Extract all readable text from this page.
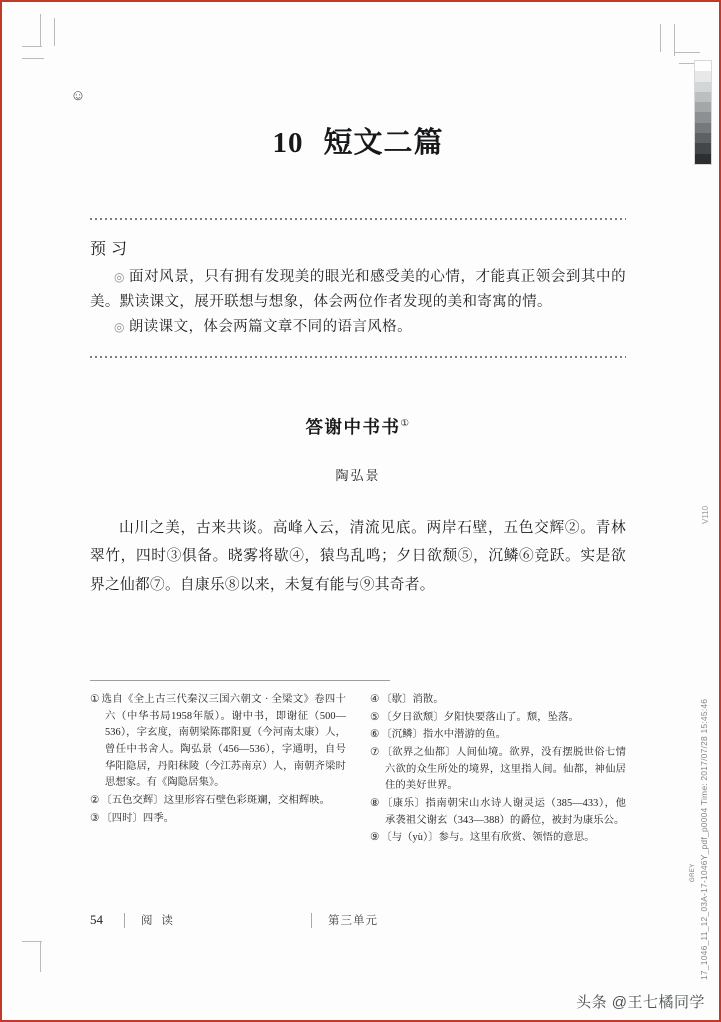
GREY 17_1046_11_12_03A-17-1046Y_pdf_p0004 Time: 2017/07/28 15:45:46
V110
☺
10 短文二篇
预习
◎ 面对风景，只有拥有发现美的眼光和感受美的心情，才能真正领会到其中的美。默读课文，展开联想与想象，体会两位作者发现的美和寄寓的情。
◎ 朗读课文，体会两篇文章不同的语言风格。
答谢中书书①
陶弘景
山川之美，古来共谈。高峰入云，清流见底。两岸石壁，五色交辉②。青林翠竹，四时③俱备。晓雾将歇④，猿鸟乱鸣；夕日欲颓⑤，沉鳞⑥竞跃。实是欲界之仙都⑦。自康乐⑧以来，未复有能与⑨其奇者。
① 选自《全上古三代秦汉三国六朝文 · 全梁文》卷四十六（中华书局1958年版）。谢中书，即谢征（500—536），字玄度，南朝梁陈郡阳夏（今河南太康）人，曾任中书舍人。陶弘景（456—536），字通明，自号华阳隐居，丹阳秣陵（今江苏南京）人，南朝齐梁时思想家。有《陶隐居集》。
② 〔五色交辉〕这里形容石壁色彩斑斓，交相辉映。
③ 〔四时〕四季。
④ 〔歇〕消散。
⑤ 〔夕日欲颓〕夕阳快要落山了。颓，坠落。
⑥ 〔沉鳞〕指水中潜游的鱼。
⑦ 〔欲界之仙都〕人间仙境。欲界，没有摆脱世俗七情六欲的众生所处的境界，这里指人间。仙都，神仙居住的美好世界。
⑧ 〔康乐〕指南朝宋山水诗人谢灵运（385—433），他承袭祖父谢玄（343—388）的爵位，被封为康乐公。
⑨ 〔与（yù）〕参与。这里有欣赏、领悟的意思。
54	阅 读	第三单元
头条 @王七橘同学
